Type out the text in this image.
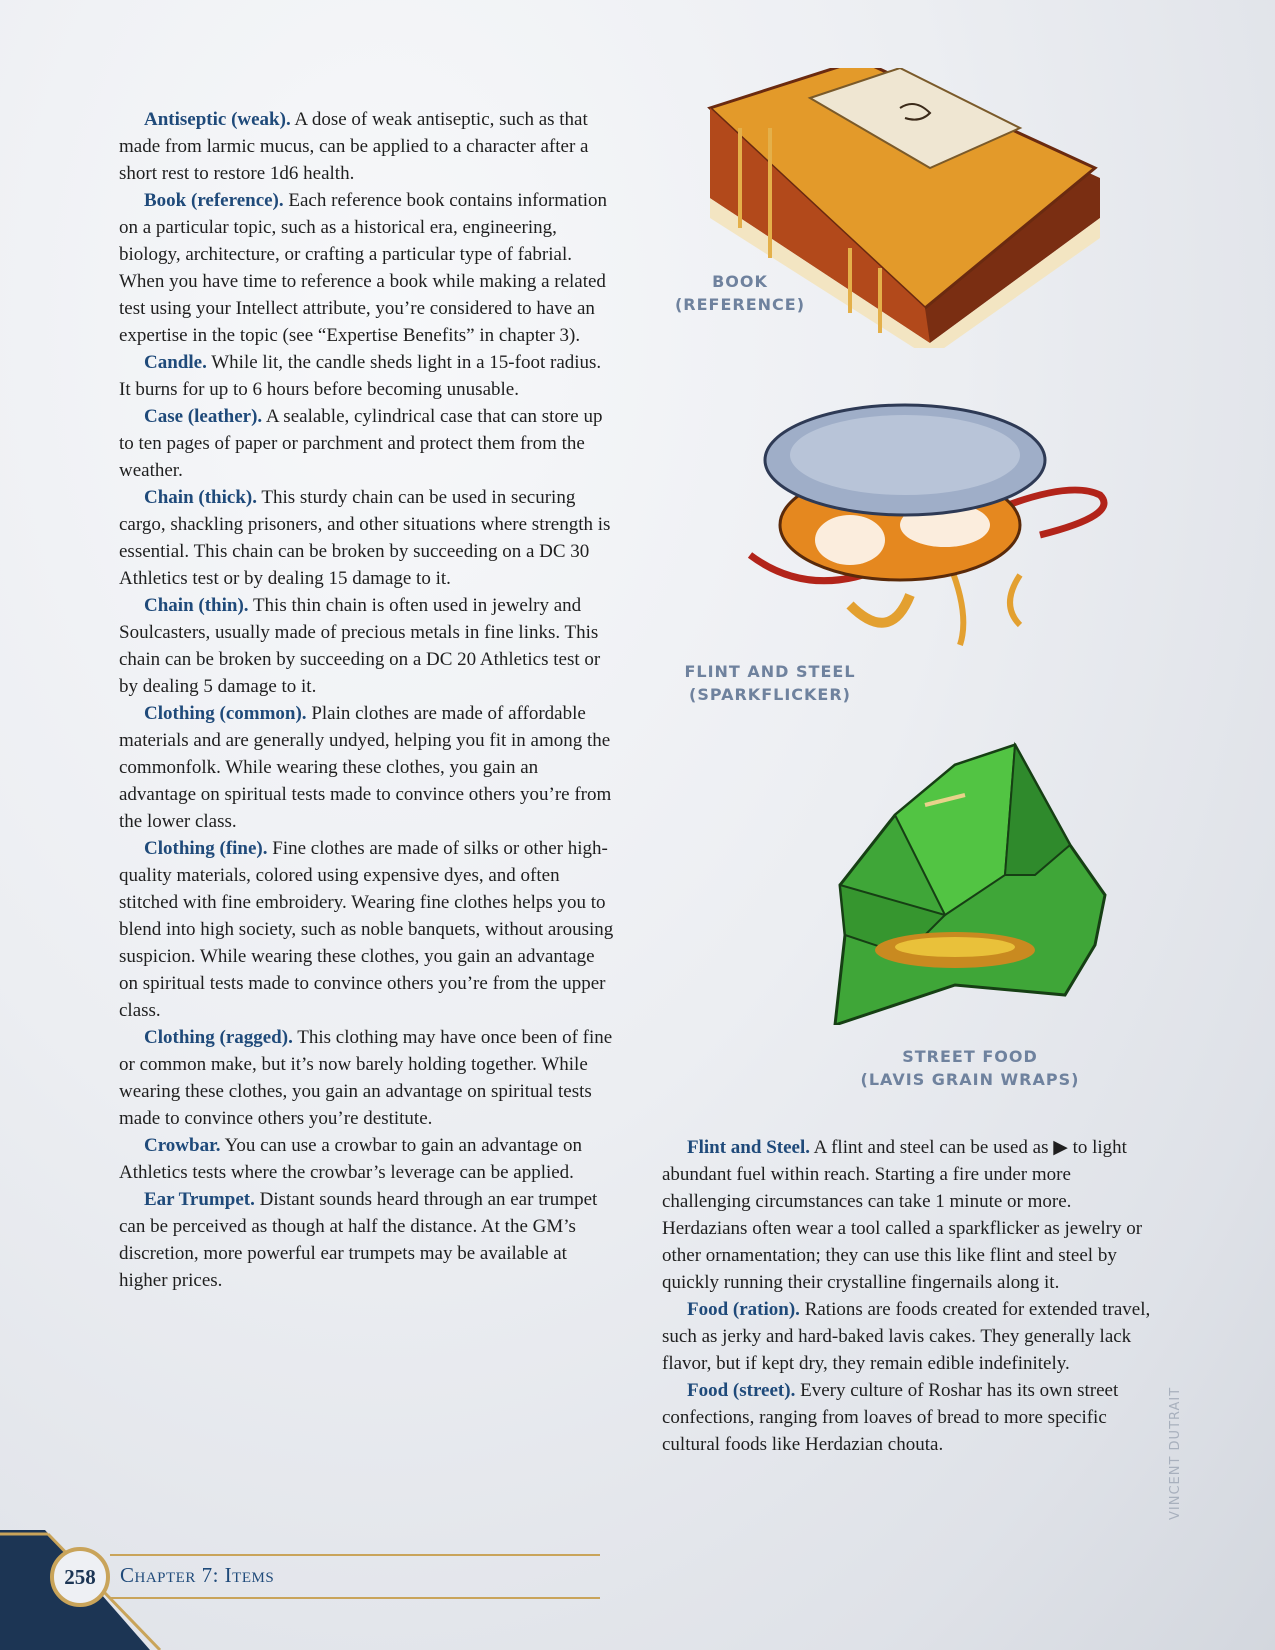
Antiseptic (weak). A dose of weak antiseptic, such as that made from larmic mucus, can be applied to a character after a short rest to restore 1d6 health.

Book (reference). Each reference book contains information on a particular topic, such as a historical era, engineering, biology, architecture, or crafting a particular type of fabrial. When you have time to reference a book while making a related test using your Intellect attribute, you’re considered to have an expertise in the topic (see “Expertise Benefits” in chapter 3).

Candle. While lit, the candle sheds light in a 15-foot radius. It burns for up to 6 hours before becoming unusable.

Case (leather). A sealable, cylindrical case that can store up to ten pages of paper or parchment and protect them from the weather.

Chain (thick). This sturdy chain can be used in securing cargo, shackling prisoners, and other situations where strength is essential. This chain can be broken by succeeding on a DC 30 Athletics test or by dealing 15 damage to it.

Chain (thin). This thin chain is often used in jewelry and Soulcasters, usually made of precious metals in fine links. This chain can be broken by succeeding on a DC 20 Athletics test or by dealing 5 damage to it.

Clothing (common). Plain clothes are made of affordable materials and are generally undyed, helping you fit in among the commonfolk. While wearing these clothes, you gain an advantage on spiritual tests made to convince others you’re from the lower class.

Clothing (fine). Fine clothes are made of silks or other high-quality materials, colored using expensive dyes, and often stitched with fine embroidery. Wearing fine clothes helps you to blend into high society, such as noble banquets, without arousing suspicion. While wearing these clothes, you gain an advantage on spiritual tests made to convince others you’re from the upper class.

Clothing (ragged). This clothing may have once been of fine or common make, but it’s now barely holding together. While wearing these clothes, you gain an advantage on spiritual tests made to convince others you’re destitute.

Crowbar. You can use a crowbar to gain an advantage on Athletics tests where the crowbar’s leverage can be applied.

Ear Trumpet. Distant sounds heard through an ear trumpet can be perceived as though at half the distance. At the GM’s discretion, more powerful ear trumpets may be available at higher prices.

BOOK
(REFERENCE)
FLINT AND STEEL
(SPARKFLICKER)
STREET FOOD
(LAVIS GRAIN WRAPS)

Flint and Steel. A flint and steel can be used as ▶ to light abundant fuel within reach. Starting a fire under more challenging circumstances can take 1 minute or more. Herdazians often wear a tool called a sparkflicker as jewelry or other ornamentation; they can use this like flint and steel by quickly running their crystalline fingernails along it.

Food (ration). Rations are foods created for extended travel, such as jerky and hard-baked lavis cakes. They generally lack flavor, but if kept dry, they remain edible indefinitely.

Food (street). Every culture of Roshar has its own street confections, ranging from loaves of bread to more specific cultural foods like Herdazian chouta.	VINCENT DUTRAIT
258	Chapter 7: Items
